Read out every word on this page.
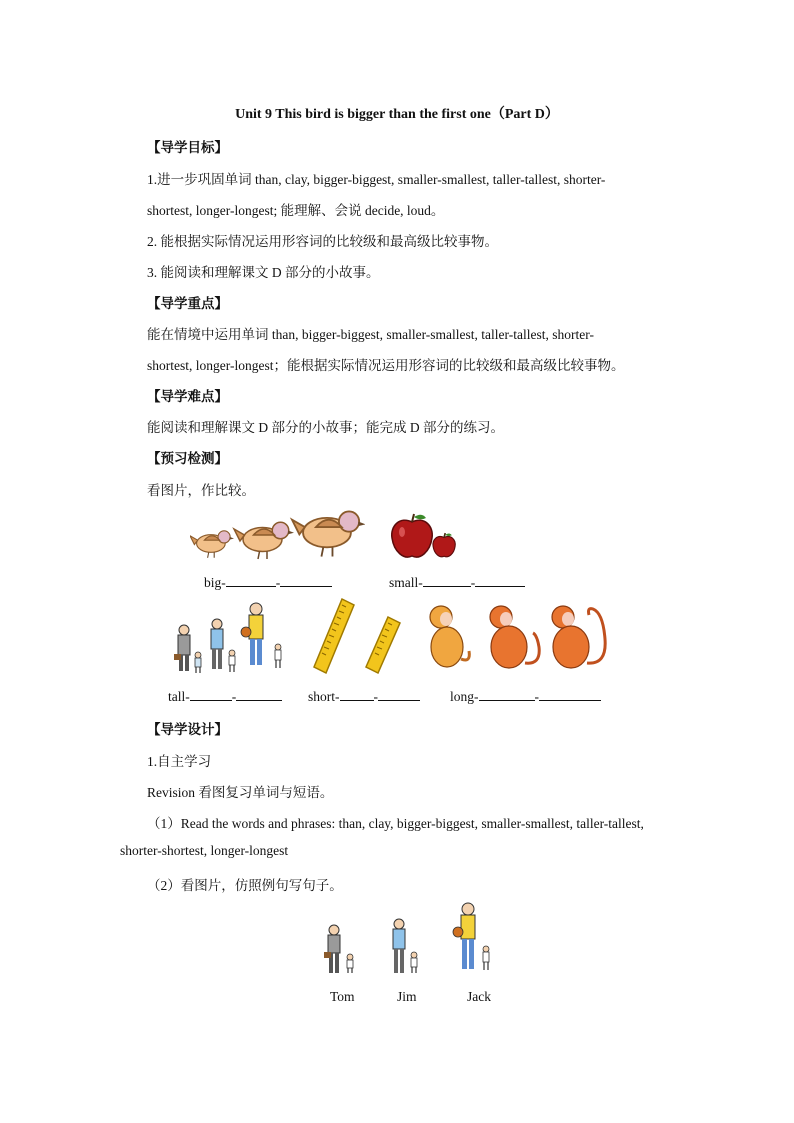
Unit 9 This bird is bigger than the first one（Part D）
【导学目标】
1.进一步巩固单词 than, clay, bigger-biggest, smaller-smallest, taller-tallest, shorter-
shortest, longer-longest; 能理解、会说 decide, loud。
2. 能根据实际情况运用形容词的比较级和最高级比较事物。
3. 能阅读和理解课文 D 部分的小故事。
【导学重点】
能在情境中运用单词 than, bigger-biggest, smaller-smallest, taller-tallest, shorter-
shortest, longer-longest；能根据实际情况运用形容词的比较级和最高级比较事物。
【导学难点】
能阅读和理解课文 D 部分的小故事；能完成 D 部分的练习。
【预习检测】
看图片，作比较。
big-	-	small-	-
tall-	-	short-	-	long-	-
【导学设计】
1.自主学习
Revision 看图复习单词与短语。
（1）Read the words and phrases: than, clay, bigger-biggest, smaller-smallest, taller-tallest,
shorter-shortest, longer-longest
（2）看图片，仿照例句写句子。
Tom	Jim	Jack
